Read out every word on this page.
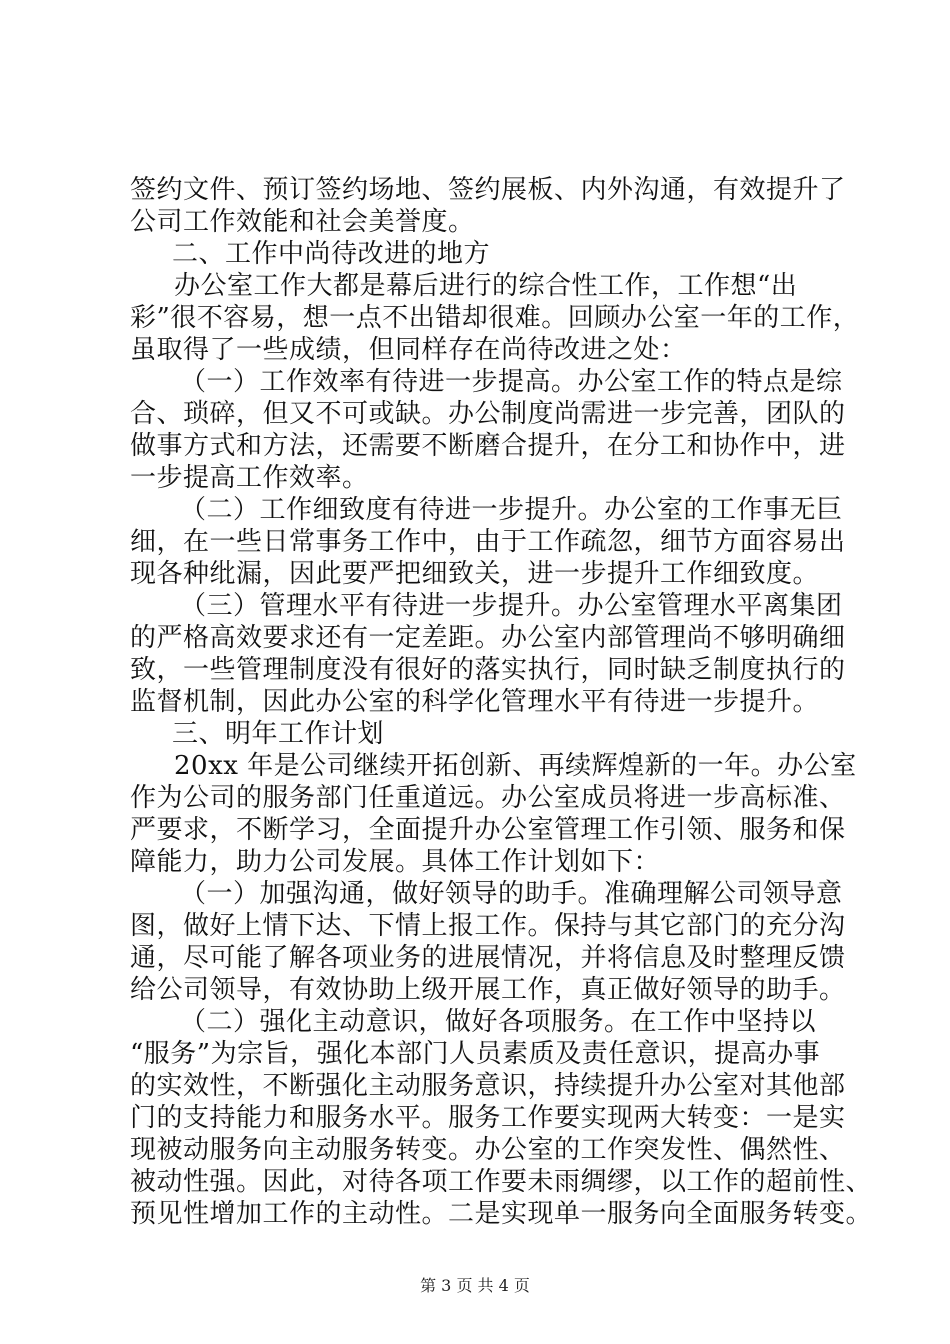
签约文件、预订签约场地、签约展板、内外沟通，有效提升了
公司工作效能和社会美誉度。
二、工作中尚待改进的地方
办公室工作大都是幕后进行的综合性工作，工作想“出
彩”很不容易，想一点不出错却很难。回顾办公室一年的工作，
虽取得了一些成绩，但同样存在尚待改进之处：
（一）工作效率有待进一步提高。办公室工作的特点是综
合、琐碎，但又不可或缺。办公制度尚需进一步完善，团队的
做事方式和方法，还需要不断磨合提升，在分工和协作中，进
一步提高工作效率。
（二）工作细致度有待进一步提升。办公室的工作事无巨
细，在一些日常事务工作中，由于工作疏忽，细节方面容易出
现各种纰漏，因此要严把细致关，进一步提升工作细致度。
（三）管理水平有待进一步提升。办公室管理水平离集团
的严格高效要求还有一定差距。办公室内部管理尚不够明确细
致，一些管理制度没有很好的落实执行，同时缺乏制度执行的
监督机制，因此办公室的科学化管理水平有待进一步提升。
三、明年工作计划
20xx 年是公司继续开拓创新、再续辉煌新的一年。办公室
作为公司的服务部门任重道远。办公室成员将进一步高标准、
严要求，不断学习，全面提升办公室管理工作引领、服务和保
障能力，助力公司发展。具体工作计划如下：
（一）加强沟通，做好领导的助手。准确理解公司领导意
图，做好上情下达、下情上报工作。保持与其它部门的充分沟
通，尽可能了解各项业务的进展情况，并将信息及时整理反馈
给公司领导，有效协助上级开展工作，真正做好领导的助手。
（二）强化主动意识，做好各项服务。在工作中坚持以
“服务”为宗旨，强化本部门人员素质及责任意识，提高办事
的实效性，不断强化主动服务意识，持续提升办公室对其他部
门的支持能力和服务水平。服务工作要实现两大转变：一是实
现被动服务向主动服务转变。办公室的工作突发性、偶然性、
被动性强。因此，对待各项工作要未雨绸缪，以工作的超前性、
预见性增加工作的主动性。二是实现单一服务向全面服务转变。
第 3 页 共 4 页
